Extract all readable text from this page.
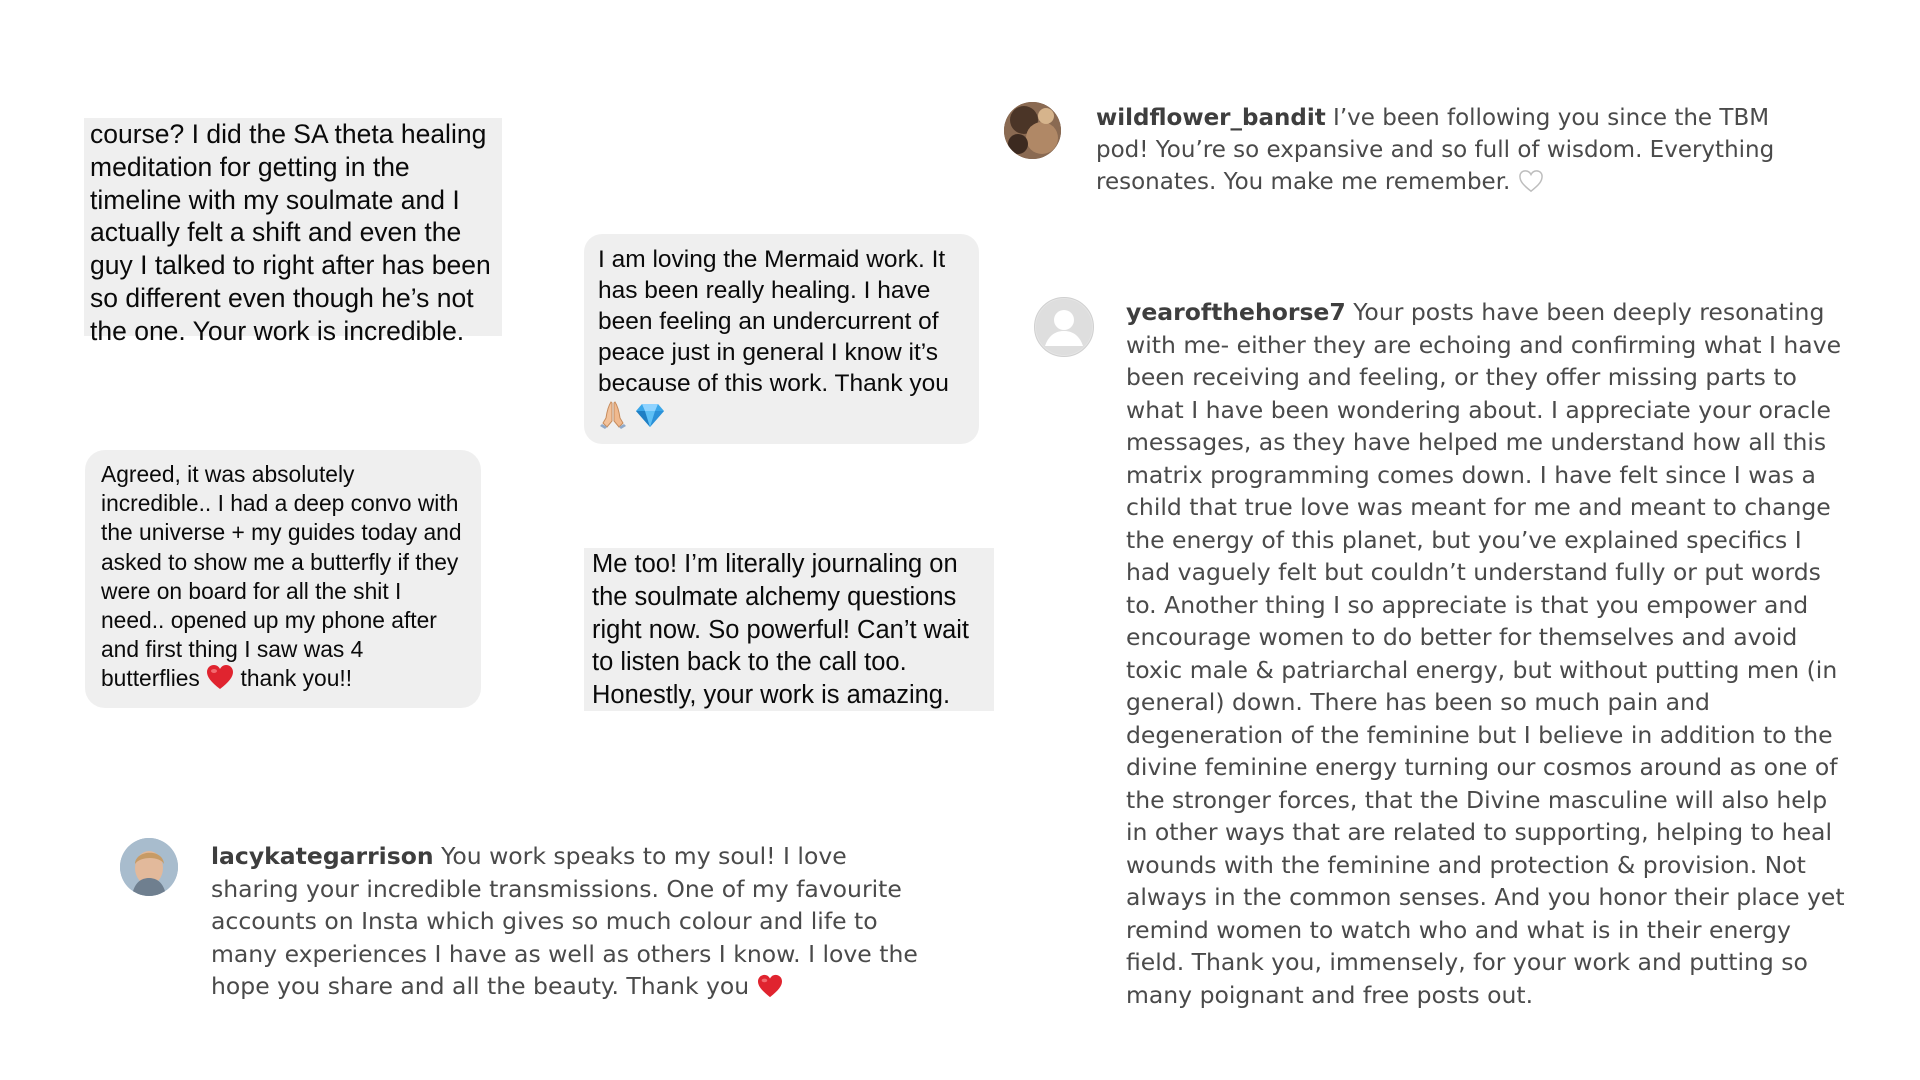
course? I did the SA theta healing meditation for getting in the timeline with my soulmate and I actually felt a shift and even the guy I talked to right after has been so different even though he’s not the one. Your work is incredible.

I am loving the Mermaid work. It has been really healing. I have been feeling an undercurrent of peace just in general I know it’s because of this work. Thank you

Agreed, it was absolutely incredible.. I had a deep convo with the universe + my guides today and asked to show me a butterfly if they were on board for all the shit I need.. opened up my phone after and first thing I saw was 4 butterflies thank you!!

Me too! I’m literally journaling on the soulmate alchemy questions right now. So powerful! Can’t wait to listen back to the call too. Honestly, your work is amazing.

wildflower_bandit I’ve been following you since the TBM pod! You’re so expansive and so full of wisdom. Everything resonates. You make me remember.

yearofthehorse7 Your posts have been deeply resonating with me- either they are echoing and confirming what I have been receiving and feeling, or they offer missing parts to what I have been wondering about. I appreciate your oracle messages, as they have helped me understand how all this matrix programming comes down. I have felt since I was a child that true love was meant for me and meant to change the energy of this planet, but you’ve explained specifics I had vaguely felt but couldn’t understand fully or put words to. Another thing I so appreciate is that you empower and encourage women to do better for themselves and avoid toxic male & patriarchal energy, but without putting men (in general) down. There has been so much pain and degeneration of the feminine but I believe in addition to the divine feminine energy turning our cosmos around as one of the stronger forces, that the Divine masculine will also help in other ways that are related to supporting, helping to heal wounds with the feminine and protection & provision. Not always in the common senses. And you honor their place yet remind women to watch who and what is in their energy field. Thank you, immensely, for your work and putting so many poignant and free posts out.

lacykategarrison You work speaks to my soul! I love sharing your incredible transmissions. One of my favourite accounts on Insta which gives so much colour and life to many experiences I have as well as others I know. I love the hope you share and all the beauty. Thank you
